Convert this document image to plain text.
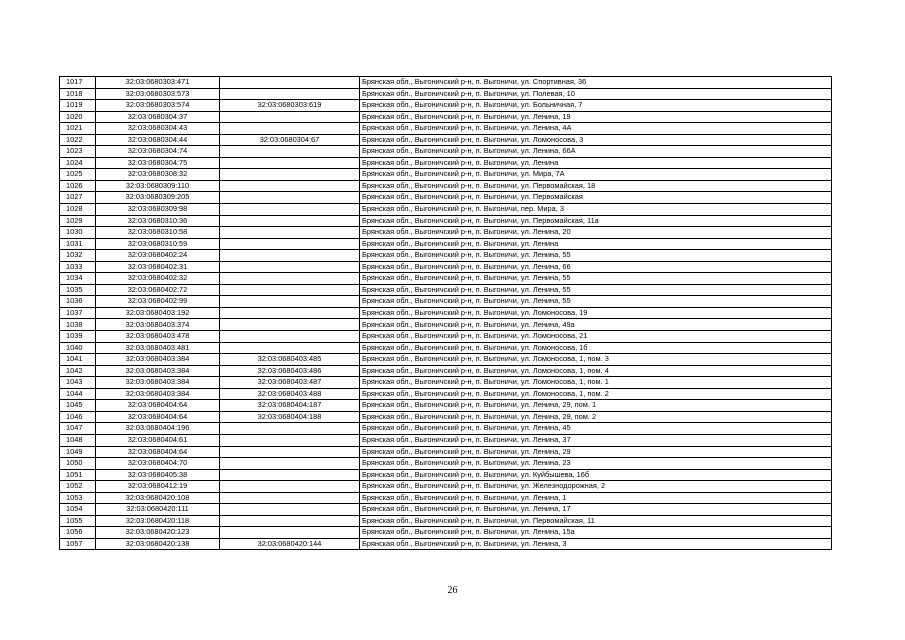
1017	32:03:0680303:471		Брянская обл., Выгоничский р-н, п. Выгоничи, ул. Спортивная, 36
1018	32:03:0680303:573		Брянская обл., Выгоничский р-н, п. Выгоничи, ул. Полевая, 10
1019	32:03:0680303:574	32:03:0680303:619	Брянская обл., Выгоничский р-н, п. Выгоничи, ул. Больничная, 7
1020	32:03:0680304:37		Брянская обл., Выгоничский р-н, п. Выгоничи, ул. Ленина, 19
1021	32:03:0680304:43		Брянская обл., Выгоничский р-н, п. Выгоничи, ул. Ленина, 4А
1022	32:03:0680304:44	32:03:0680304:67	Брянская обл., Выгоничский р-н, п. Выгоничи, ул. Ломоносова, 3
1023	32:03:0680304:74		Брянская обл., Выгоничский р-н, п. Выгоничи, ул. Ленина, 66А
1024	32:03:0680304:75		Брянская обл., Выгоничский р-н, п. Выгоничи, ул. Ленина
1025	32:03:0680308:32		Брянская обл., Выгоничский р-н, п. Выгоничи, ул. Мира, 7А
1026	32:03:0680309:110		Брянская обл., Выгоничский р-н, п. Выгоничи, ул. Первомайская, 18
1027	32:03:0680309:205		Брянская обл., Выгоничский р-н, п. Выгоничи, ул. Первомайская
1028	32:03:0680309:98		Брянская обл., Выгоничский р-н, п. Выгоничи, пер. Мира, 3
1029	32:03:0680310:36		Брянская обл., Выгоничский р-н, п. Выгоничи, ул. Первомайская, 11а
1030	32:03:0680310:58		Брянская обл., Выгоничский р-н, п. Выгоничи, ул. Ленина, 20
1031	32:03:0680310:59		Брянская обл., Выгоничский р-н, п. Выгоничи, ул. Ленина
1032	32:03:0680402:24		Брянская обл., Выгоничский р-н, п. Выгоничи, ул. Ленина, 55
1033	32:03:0680402:31		Брянская обл., Выгоничский р-н, п. Выгоничи, ул. Ленина, 66
1034	32:03:0680402:32		Брянская обл., Выгоничский р-н, п. Выгоничи, ул. Ленина, 55
1035	32:03:0680402:72		Брянская обл., Выгоничский р-н, п. Выгоничи, ул. Ленина, 55
1036	32:03:0680402:99		Брянская обл., Выгоничский р-н, п. Выгоничи, ул. Ленина, 55
1037	32:03:0680403:192		Брянская обл., Выгоничский р-н, п. Выгоничи, ул. Ломоносова, 19
1038	32:03:0680403:374		Брянская обл., Выгоничский р-н, п. Выгоничи, ул. Ленина, 49а
1039	32:03:0680403:478		Брянская обл., Выгоничский р-н, п. Выгоничи, ул. Ломоносова, 21
1040	32:03:0680403:481		Брянская обл., Выгоничский р-н, п. Выгоничи, ул. Ломоносова, 1б
1041	32:03:0680403:384	32:03:0680403:485	Брянская обл., Выгоничский р-н, п. Выгоничи, ул. Ломоносова, 1, пом. 3
1042	32:03:0680403:384	32:03:0680403:486	Брянская обл., Выгоничский р-н, п. Выгоничи, ул. Ломоносова, 1, пом. 4
1043	32:03:0680403:384	32:03:0680403:487	Брянская обл., Выгоничский р-н, п. Выгоничи, ул. Ломоносова, 1, пом. 1
1044	32:03:0680403:384	32:03:0680403:488	Брянская обл., Выгоничский р-н, п. Выгоничи, ул. Ломоносова, 1, пом. 2
1045	32:03:0680404:64	32:03:0680404:187	Брянская обл., Выгоничский р-н, п. Выгоничи, ул. Ленина, 29, пом. 1
1046	32:03:0680404:64	32:03:0680404:188	Брянская обл., Выгоничский р-н, п. Выгоничи, ул. Ленина, 29, пом. 2
1047	32:03:0680404:196		Брянская обл., Выгоничский р-н, п. Выгоничи, ул. Ленина, 45
1048	32:03:0680404:61		Брянская обл., Выгоничский р-н, п. Выгоничи, ул. Ленина, 37
1049	32:03:0680404:64		Брянская обл., Выгоничский р-н, п. Выгоничи, ул. Ленина, 29
1050	32:03:0680404:70		Брянская обл., Выгоничский р-н, п. Выгоничи, ул. Ленина, 23
1051	32:03:0680405:38		Брянская обл., Выгоничский р-н, п. Выгоничи, ул. Куйбышева, 16б
1052	32:03:0680412:19		Брянская обл., Выгоничский р-н, п. Выгоничи, ул. Железнодорожная, 2
1053	32:03:0680420:108		Брянская обл., Выгоничский р-н, п. Выгоничи, ул. Ленина, 1
1054	32:03:0680420:111		Брянская обл., Выгоничский р-н, п. Выгоничи, ул. Ленина, 17
1055	32:03:0680420:118		Брянская обл., Выгоничский р-н, п. Выгоничи, ул. Первомайская, 11
1056	32:03:0680420:123		Брянская обл., Выгоничский р-н, п. Выгоничи, ул. Ленина, 15а
1057	32:03:0680420:138	32:03:0680420:144	Брянская обл., Выгоничский р-н, п. Выгоничи, ул. Ленина, 3
26
